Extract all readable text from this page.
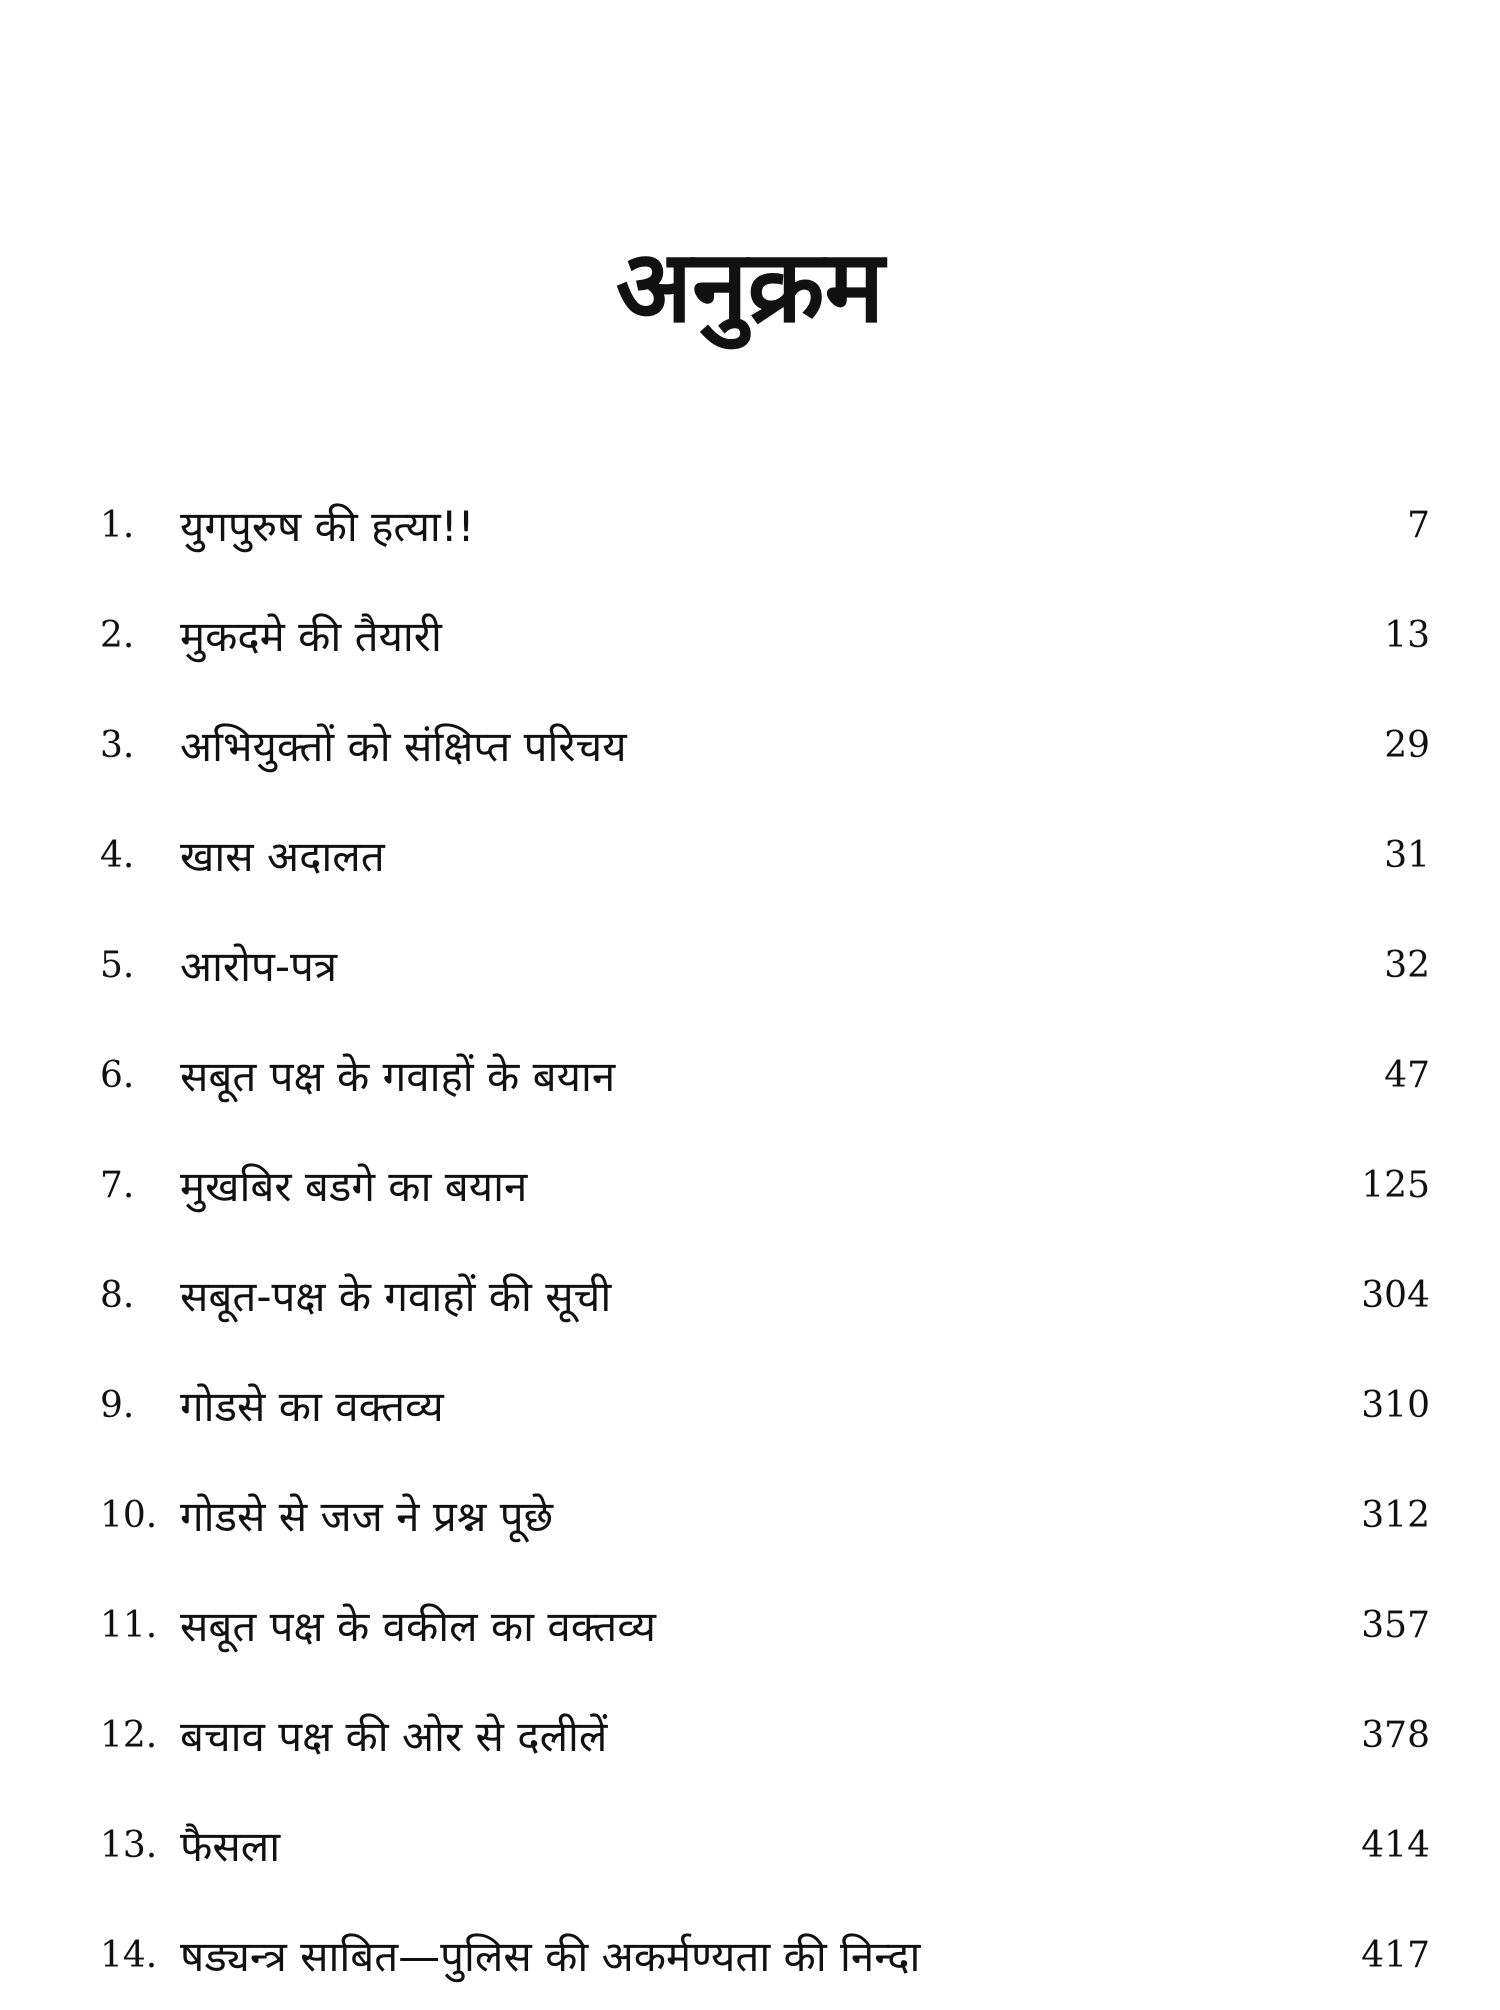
अनुक्रम
1.	युगपुरुष की हत्या!!	7
2.	मुकदमे की तैयारी	13
3.	अभियुक्तों को संक्षिप्त परिचय	29
4.	खास अदालत	31
5.	आरोप-पत्र	32
6.	सबूत पक्ष के गवाहों के बयान	47
7.	मुखबिर बडगे का बयान	125
8.	सबूत-पक्ष के गवाहों की सूची	304
9.	गोडसे का वक्तव्य	310
10. गोडसे से जज ने प्रश्न पूछे	312
11. सबूत पक्ष के वकील का वक्तव्य	357
12. बचाव पक्ष की ओर से दलीलें	378
13. फैसला	414
14. षड्यन्त्र साबित—पुलिस की अकर्मण्यता की निन्दा	417
